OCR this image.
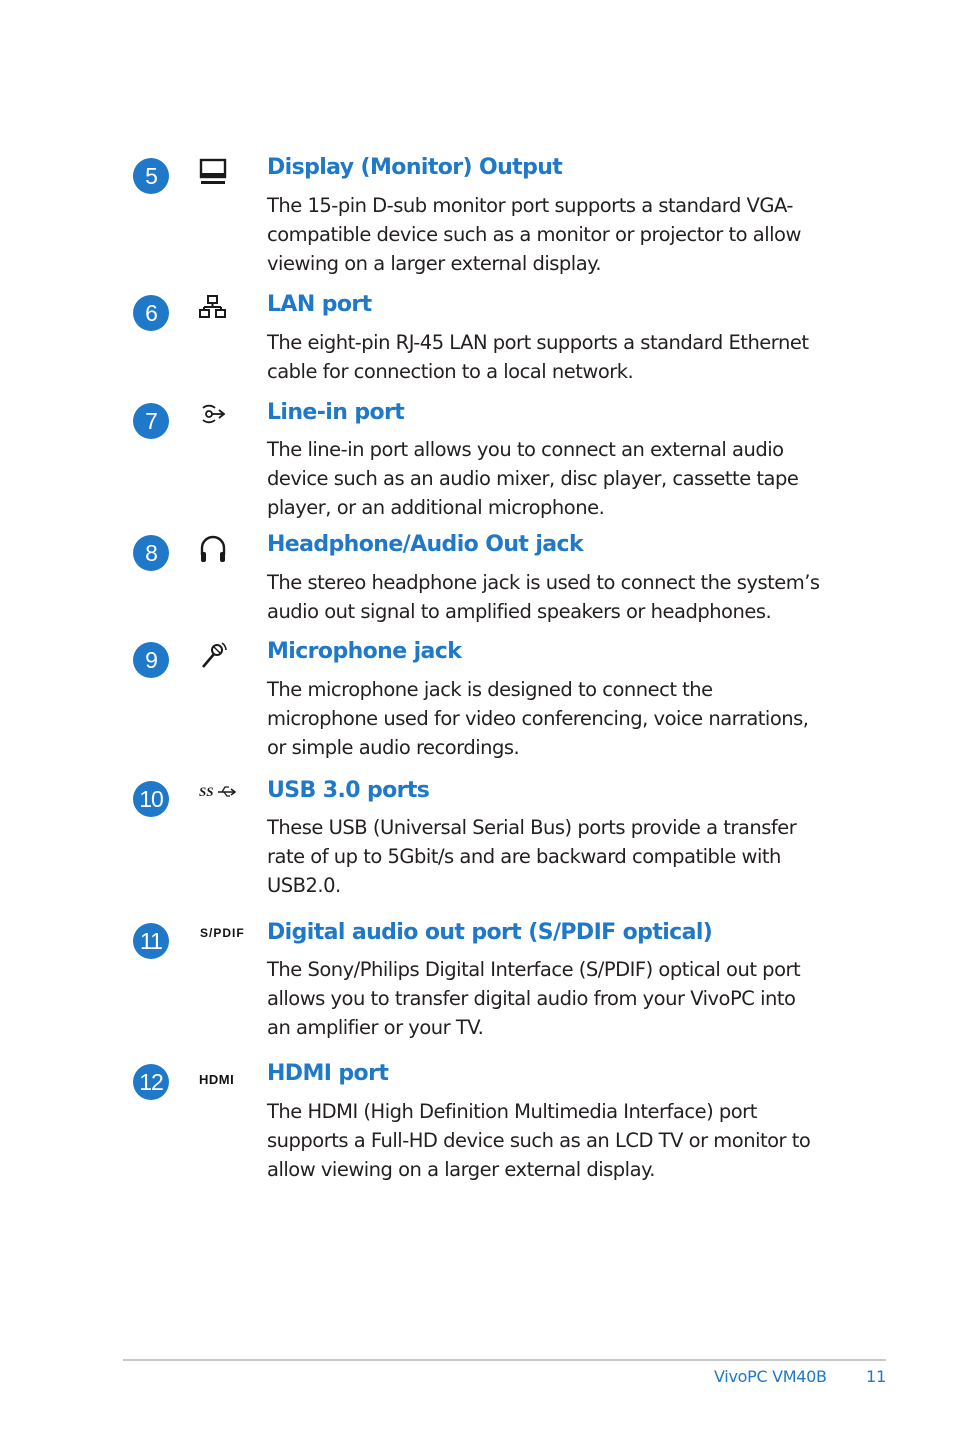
5	Display (Monitor) Output
The 15-pin D-sub monitor port supports a standard VGA-
compatible device such as a monitor or projector to allow
viewing on a larger external display.
6	LAN port
The eight-pin RJ-45 LAN port supports a standard Ethernet
cable for connection to a local network.
7	Line-in port
The line-in port allows you to connect an external audio
device such as an audio mixer, disc player, cassette tape
player, or an additional microphone.
8	Headphone/Audio Out jack
The stereo headphone jack is used to connect the system’s
audio out signal to amplified speakers or headphones.
9	Microphone jack
The microphone jack is designed to connect the
microphone used for video conferencing, voice narrations,
or simple audio recordings.
10	SS USB 3.0 ports
These USB (Universal Serial Bus) ports provide a transfer
rate of up to 5Gbit/s and are backward compatible with
USB2.0.
11	S/PDIF Digital audio out port (S/PDIF optical)
The Sony/Philips Digital Interface (S/PDIF) optical out port
allows you to transfer digital audio from your VivoPC into
an amplifier or your TV.
12	HDMI HDMI port
The HDMI (High Definition Multimedia Interface) port
supports a Full-HD device such as an LCD TV or monitor to
allow viewing on a larger external display.
VivoPC VM40B 11
